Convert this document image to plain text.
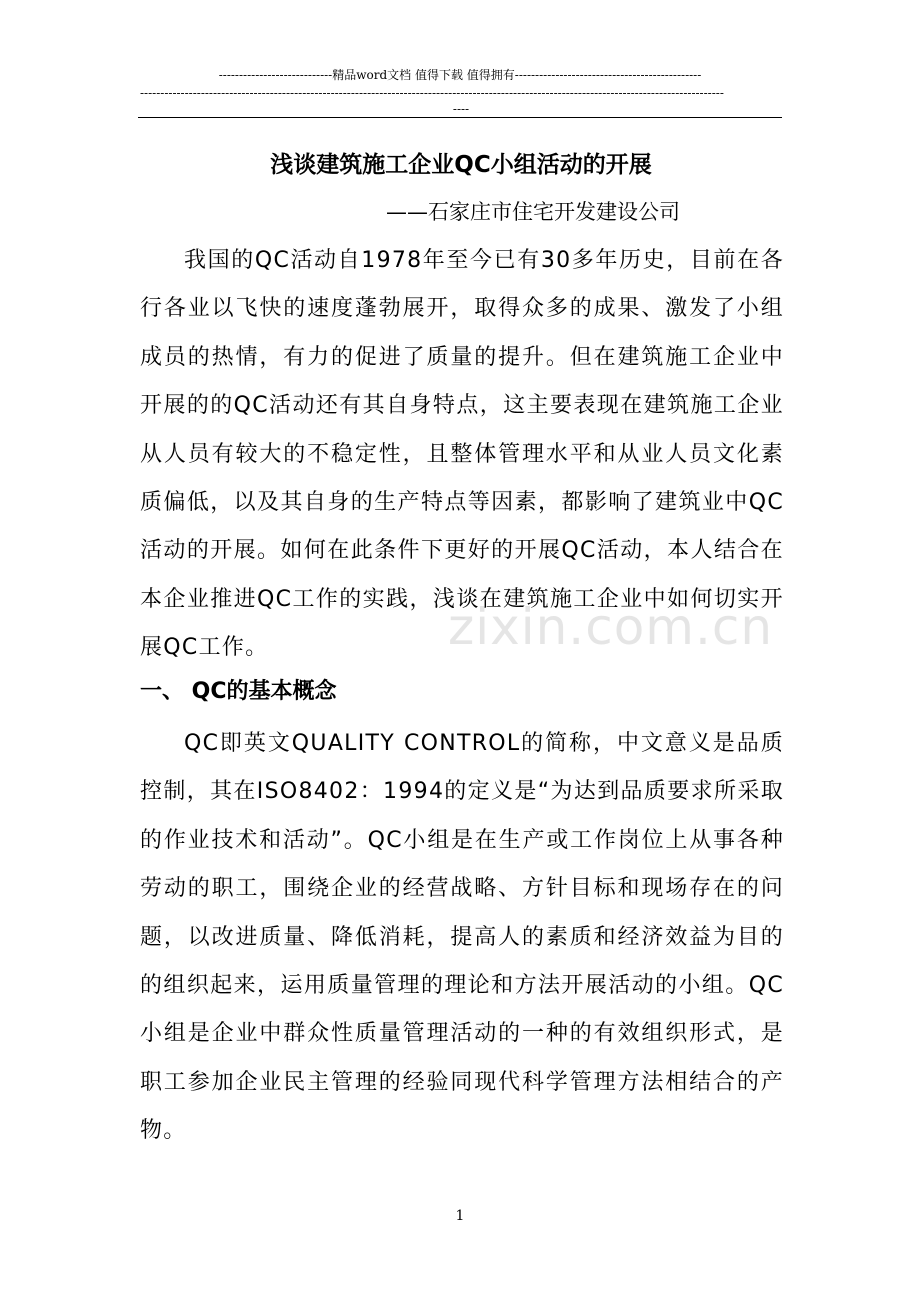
----------------------------精品word文档 值得下载 值得拥有----------------------------------------------
------------------------------------------------------------------------------------------------------------------------------------------------
----
浅谈建筑施工企业QC小组活动的开展
——石家庄市住宅开发建设公司
我国的QC活动自1978年至今已有30多年历史，目前在各行各业以飞快的速度蓬勃展开，取得众多的成果、激发了小组成员的热情，有力的促进了质量的提升。但在建筑施工企业中开展的的QC活动还有其自身特点，这主要表现在建筑施工企业从人员有较大的不稳定性，且整体管理水平和从业人员文化素质偏低，以及其自身的生产特点等因素，都影响了建筑业中QC活动的开展。如何在此条件下更好的开展QC活动，本人结合在本企业推进QC工作的实践，浅谈在建筑施工企业中如何切实开展QC工作。
一、 QC的基本概念
QC即英文QUALITY CONTROL的简称，中文意义是品质控制，其在ISO8402：1994的定义是“为达到品质要求所采取的作业技术和活动”。QC小组是在生产或工作岗位上从事各种劳动的职工，围绕企业的经营战略、方针目标和现场存在的问题，以改进质量、降低消耗，提高人的素质和经济效益为目的的组织起来，运用质量管理的理论和方法开展活动的小组。QC小组是企业中群众性质量管理活动的一种的有效组织形式，是职工参加企业民主管理的经验同现代科学管理方法相结合的产物。
zixin.com.cn
1
